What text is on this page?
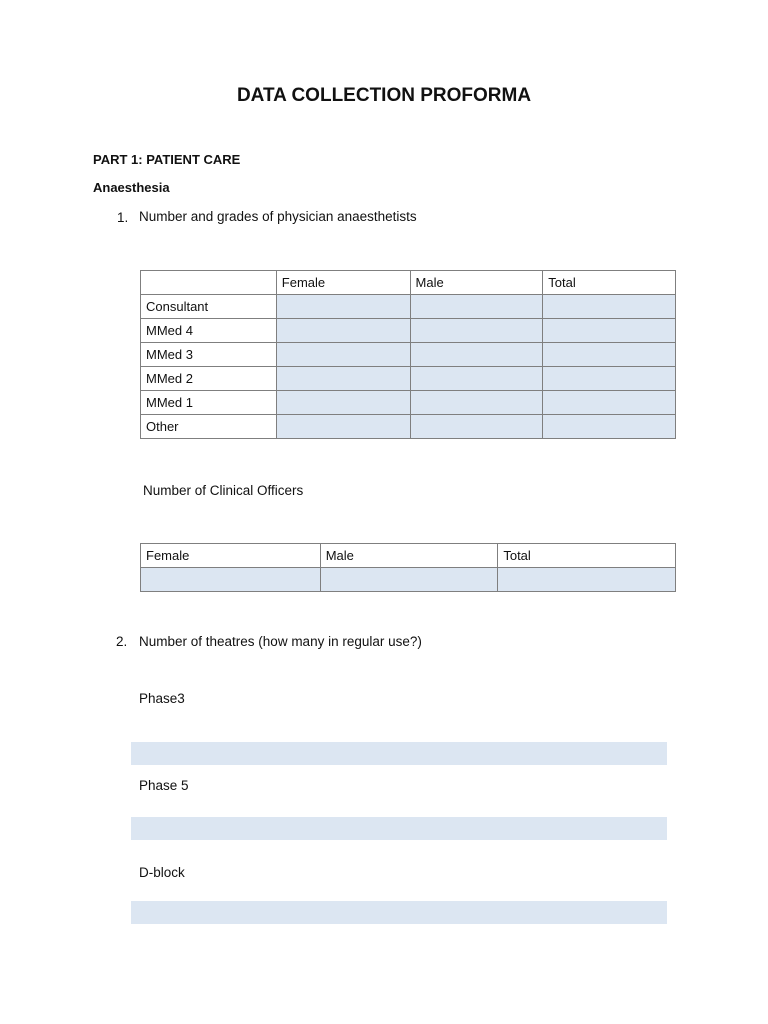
DATA COLLECTION PROFORMA
PART 1: PATIENT CARE
Anaesthesia
1. Number and grades of physician anaesthetists
	Female	Male	Total
Consultant			
MMed 4			
MMed 3			
MMed 2			
MMed 1			
Other			
Number of Clinical Officers
Female	Male	Total

2. Number of theatres (how many in regular use?)
Phase3
Phase 5
D-block
